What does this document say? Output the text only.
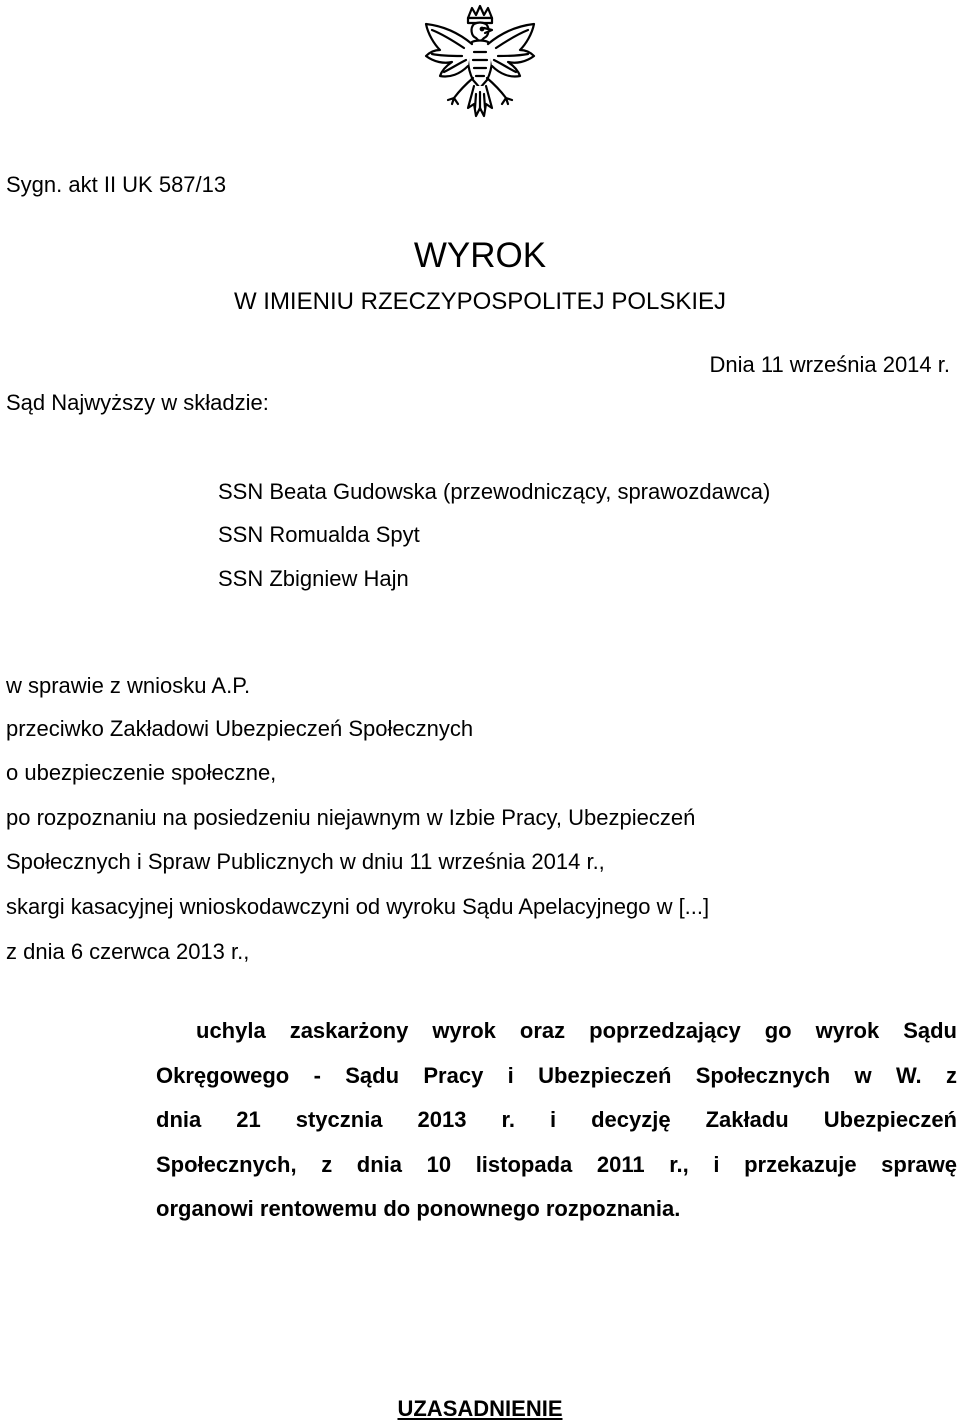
Sygn. akt II UK 587/13
WYROK
W IMIENIU RZECZYPOSPOLITEJ POLSKIEJ
Dnia 11 września 2014 r.
Sąd Najwyższy w składzie:
SSN Beata Gudowska (przewodniczący, sprawozdawca)
SSN Romualda Spyt
SSN Zbigniew Hajn
w sprawie z wniosku A.P.
przeciwko Zakładowi Ubezpieczeń Społecznych
o ubezpieczenie społeczne,
po rozpoznaniu na posiedzeniu niejawnym w Izbie Pracy, Ubezpieczeń
Społecznych i Spraw Publicznych w dniu 11 września 2014 r.,
skargi kasacyjnej wnioskodawczyni od wyroku Sądu Apelacyjnego w [...]
z dnia 6 czerwca 2013 r.,
uchyla zaskarżony wyrok oraz poprzedzający go wyrok Sądu
Okręgowego - Sądu Pracy i Ubezpieczeń Społecznych w W. z
dnia 21 stycznia 2013 r. i decyzję Zakładu Ubezpieczeń
Społecznych, z dnia 10 listopada 2011 r., i przekazuje sprawę
organowi rentowemu do ponownego rozpoznania.
UZASADNIENIE
